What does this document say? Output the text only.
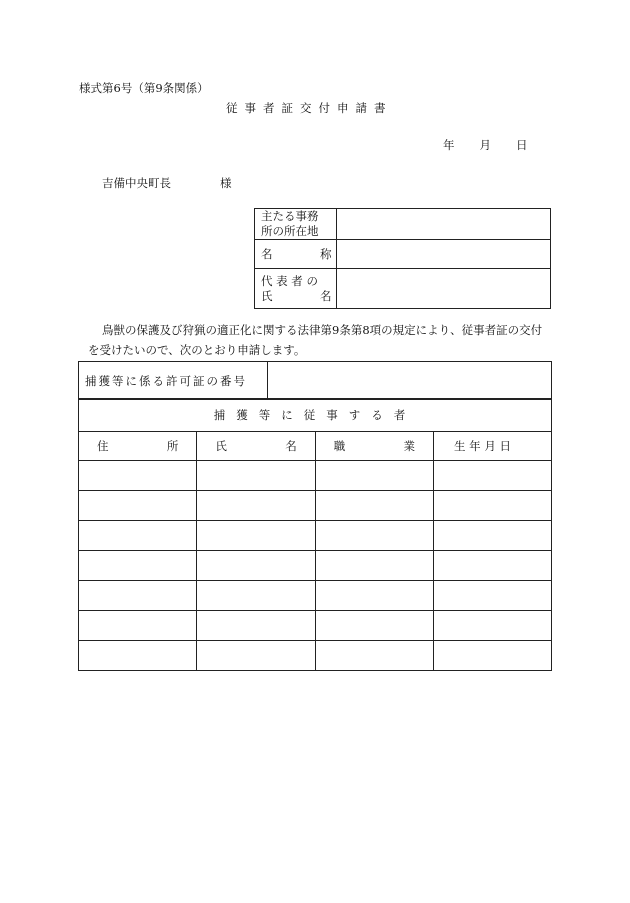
様式第6号（第9条関係）
従事者証交付申請書
年 月 日
吉備中央町長	様
主たる事務
所の所在地	

名 称	

代 表 者 の
氏 名	

鳥獣の保護及び狩猟の適正化に関する法律第9条第8項の規定により、従事者証の交付
を受けたいので、次のとおり申請します。
捕獲等に係る許可証の番号	
捕獲等に従事する者			

住 所	氏 名	職 業	生 年 月 日
